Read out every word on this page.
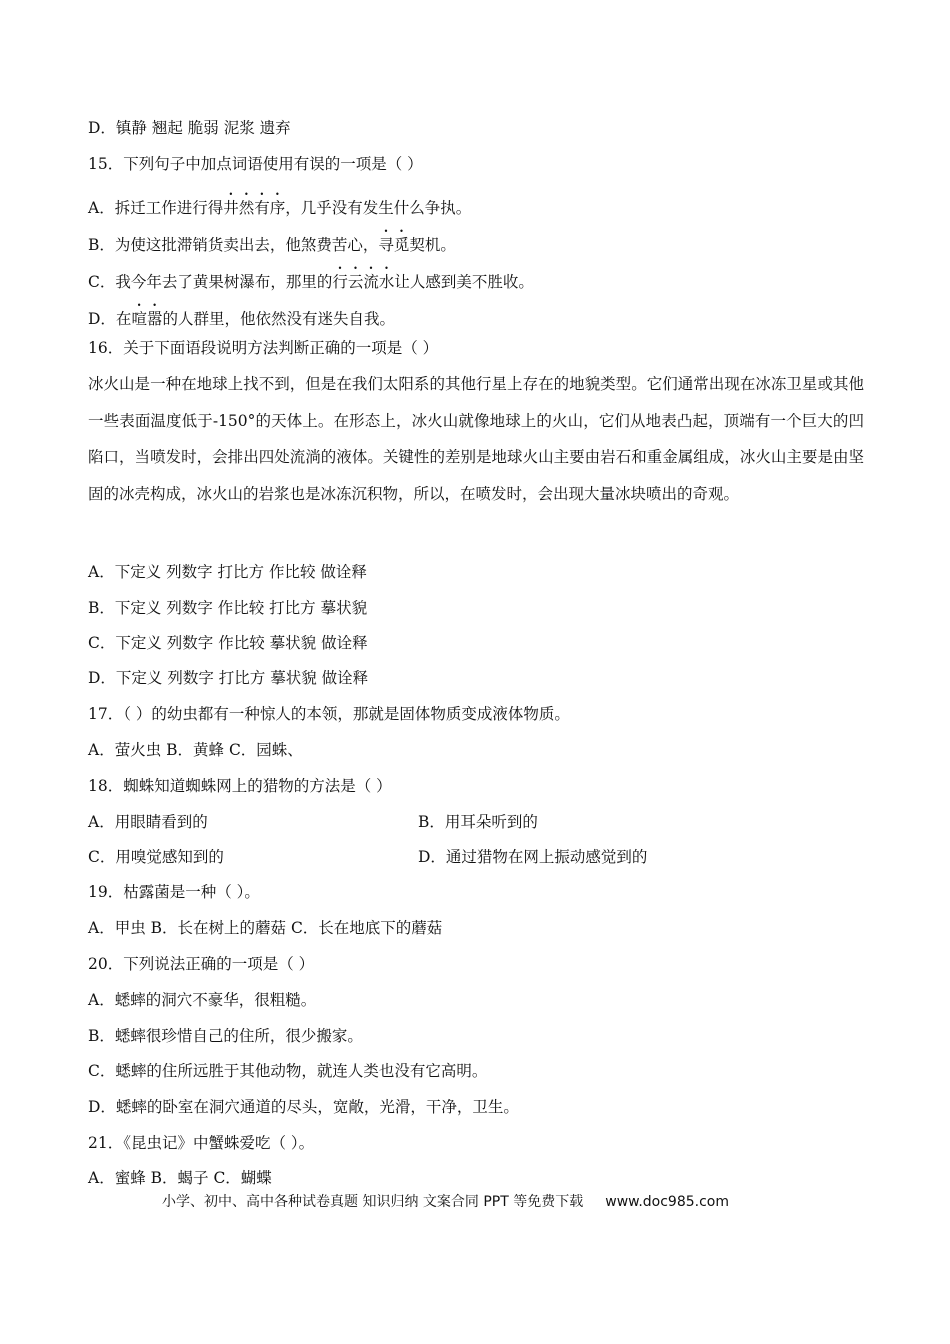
D．镇静 翘起 脆弱 泥浆 遗弃
15．下列句子中加点词语使用有误的一项是（ ）
A．拆迁工作进行得井然有序，几乎没有发生什么争执。
B．为使这批滞销货卖出去，他煞费苦心，寻觅契机。
C．我今年去了黄果树瀑布，那里的行云流水让人感到美不胜收。
D．在喧嚣的人群里，他依然没有迷失自我。
16．关于下面语段说明方法判断正确的一项是（ ）
冰火山是一种在地球上找不到，但是在我们太阳系的其他行星上存在的地貌类型。它们通常出现在冰冻卫星或其他一些表面温度低于-150°的天体上。在形态上，冰火山就像地球上的火山，它们从地表凸起，顶端有一个巨大的凹陷口，当喷发时，会排出四处流淌的液体。关键性的差别是地球火山主要由岩石和重金属组成，冰火山主要是由坚固的冰壳构成，冰火山的岩浆也是冰冻沉积物，所以，在喷发时，会出现大量冰块喷出的奇观。
A．下定义 列数字 打比方 作比较 做诠释
B．下定义 列数字 作比较 打比方 摹状貌
C．下定义 列数字 作比较 摹状貌 做诠释
D．下定义 列数字 打比方 摹状貌 做诠释
17．（ ）的幼虫都有一种惊人的本领，那就是固体物质变成液体物质。
A．萤火虫 B．黄蜂 C．园蛛、
18．蜘蛛知道蜘蛛网上的猎物的方法是（ ）
A．用眼睛看到的	B．用耳朵听到的
C．用嗅觉感知到的	D．通过猎物在网上振动感觉到的
19．枯露菌是一种（ ）。
A．甲虫 B．长在树上的蘑菇 C．长在地底下的蘑菇
20．下列说法正确的一项是（ ）
A．蟋蟀的洞穴不豪华，很粗糙。
B．蟋蟀很珍惜自己的住所，很少搬家。
C．蟋蟀的住所远胜于其他动物，就连人类也没有它高明。
D．蟋蟀的卧室在洞穴通道的尽头，宽敞，光滑，干净，卫生。
21．《昆虫记》中蟹蛛爱吃（ ）。
A．蜜蜂 B．蝎子 C．蝴蝶
小学、初中、高中各种试卷真题 知识归纳 文案合同 PPT 等免费下载 www.doc985.com
